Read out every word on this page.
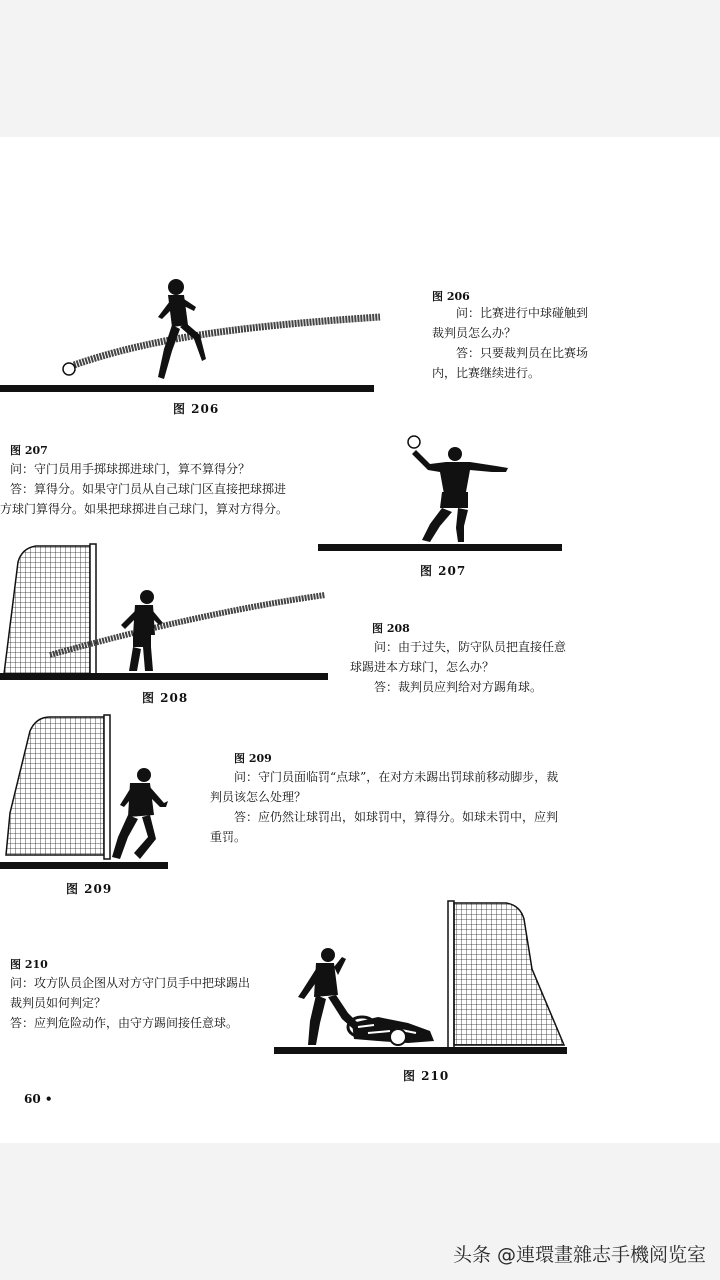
图 206
图 206
问：比赛进行中球碰触到
裁判员怎么办？
答：只要裁判员在比赛场
内，比赛继续进行。
图 207
问：守门员用手掷球掷进球门，算不算得分？
答：算得分。如果守门员从自己球门区直接把球掷进
方球门算得分。如果把球掷进自己球门，算对方得分。
图 207
图 208
图 208
问：由于过失，防守队员把直接任意
球踢进本方球门，怎么办？
答：裁判员应判给对方踢角球。
图 209
图 209
问：守门员面临罚“点球”，在对方未踢出罚球前移动脚步，裁
判员该怎么处理？
答：应仍然让球罚出，如球罚中，算得分。如球未罚中，应判
重罚。
图 210
问：攻方队员企图从对方守门员手中把球踢出
裁判员如何判定？
答：应判危险动作，由守方踢间接任意球。
图 210
60 •
头条 @連環畫雜志手機阅览室
